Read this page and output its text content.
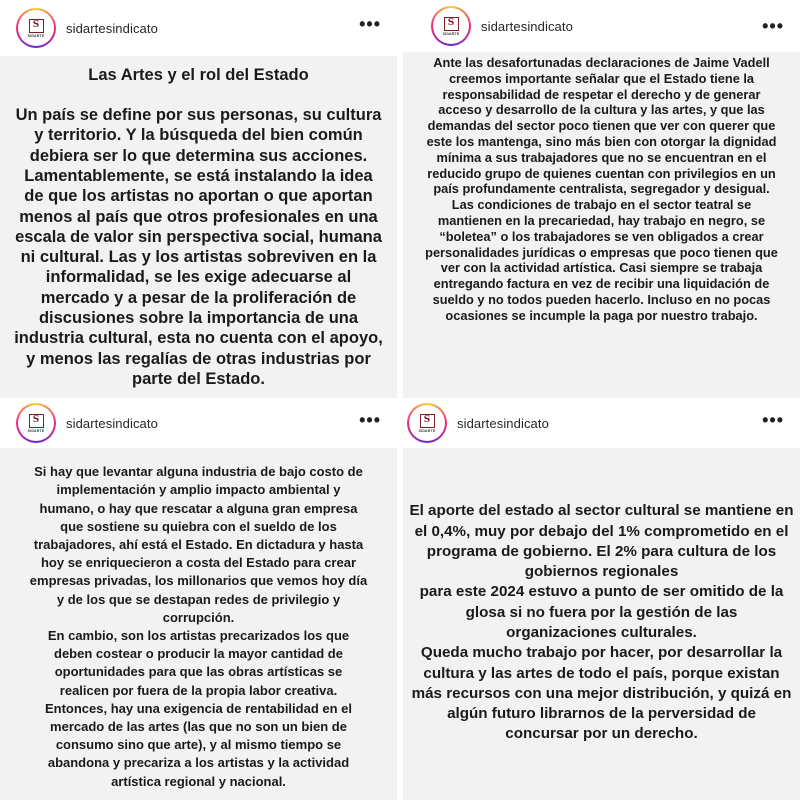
S
SIDARTE sidartesindicato	•••
Las Artes y el rol del Estado
Un país se define por sus personas, su cultura y territorio. Y la búsqueda del bien común debiera ser lo que determina sus acciones. Lamentablemente, se está instalando la idea de que los artistas no aportan o que aportan menos al país que otros profesionales en una escala de valor sin perspectiva social, humana ni cultural. Las y los artistas sobreviven en la informalidad, se les exige adecuarse al mercado y a pesar de la proliferación de discusiones sobre la importancia de una industria cultural, esta no cuenta con el apoyo, y menos las regalías de otras industrias por parte del Estado.
S
SIDARTE sidartesindicato	•••
Ante las desafortunadas declaraciones de Jaime Vadell creemos importante señalar que el Estado tiene la responsabilidad de respetar el derecho y de generar acceso y desarrollo de la cultura y las artes, y que las demandas del sector poco tienen que ver con querer que este los mantenga, sino más bien con otorgar la dignidad mínima a sus trabajadores que no se encuentran en el reducido grupo de quienes cuentan con privilegios en un país profundamente centralista, segregador y desigual.
Las condiciones de trabajo en el sector teatral se mantienen en la precariedad, hay trabajo en negro, se “boletea” o los trabajadores se ven obligados a crear personalidades jurídicas o empresas que poco tienen que ver con la actividad artística. Casi siempre se trabaja entregando factura en vez de recibir una liquidación de sueldo y no todos pueden hacerlo. Incluso en no pocas ocasiones se incumple la paga por nuestro trabajo.
S
SIDARTE sidartesindicato	•••
Si hay que levantar alguna industria de bajo costo de implementación y amplio impacto ambiental y humano, o hay que rescatar a alguna gran empresa que sostiene su quiebra con el sueldo de los trabajadores, ahí está el Estado. En dictadura y hasta hoy se enriquecieron a costa del Estado para crear empresas privadas, los millonarios que vemos hoy día y de los que se destapan redes de privilegio y corrupción.
En cambio, son los artistas precarizados los que deben costear o producir la mayor cantidad de oportunidades para que las obras artísticas se realicen por fuera de la propia labor creativa. Entonces, hay una exigencia de rentabilidad en el mercado de las artes (las que no son un bien de consumo sino que arte), y al mismo tiempo se abandona y precariza a los artistas y la actividad artística regional y nacional.
S
SIDARTE sidartesindicato	•••
El aporte del estado al sector cultural se mantiene en el 0,4%, muy por debajo del 1% comprometido en el programa de gobierno. El 2% para cultura de los gobiernos regionales
para este 2024 estuvo a punto de ser omitido de la glosa si no fuera por la gestión de las organizaciones culturales.
Queda mucho trabajo por hacer, por desarrollar la cultura y las artes de todo el país, porque existan más recursos con una mejor distribución, y quizá en algún futuro librarnos de la perversidad de concursar por un derecho.
